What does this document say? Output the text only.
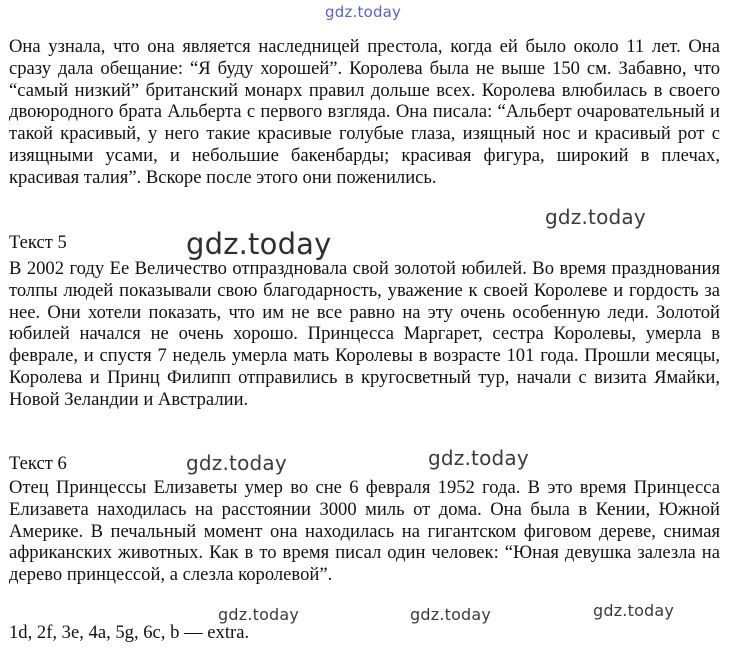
gdz.today
gdz.today
gdz.today
gdz.today	gdz.today
gdz.today	gdz.today	gdz.today

Она узнала, что она является наследницей престола, когда ей было около 11 лет. Она сразу дала обещание: “Я буду хорошей”. Королева была не выше 150 см. Забавно, что “самый низкий” британский монарх правил дольше всех. Королева влюбилась в своего двоюродного брата Альберта с первого взгляда. Она писала: “Альберт очаровательный и такой красивый, у него такие красивые голубые глаза, изящный нос и красивый рот с изящными усами, и небольшие бакенбарды; красивая фигура, широкий в плечах, красивая талия”. Вскоре после этого они поженились.

Текст 5

В 2002 году Ее Величество отпраздновала свой золотой юбилей. Во время празднования толпы людей показывали свою благодарность, уважение к своей Королеве и гордость за нее. Они хотели показать, что им не все равно на эту очень особенную леди. Золотой юбилей начался не очень хорошо. Принцесса Маргарет, сестра Королевы, умерла в феврале, и спустя 7 недель умерла мать Королевы в возрасте 101 года. Прошли месяцы, Королева и Принц Филипп отправились в кругосветный тур, начали с визита Ямайки, Новой Зеландии и Австралии.

Текст 6

Отец Принцессы Елизаветы умер во сне 6 февраля 1952 года. В это время Принцесса Елизавета находилась на расстоянии 3000 миль от дома. Она была в Кении, Южной Америке. В печальный момент она находилась на гигантском фиговом дереве, снимая африканских животных. Как в то время писал один человек: “Юная девушка залезла на дерево принцессой, а слезла королевой”.

1d, 2f, 3e, 4a, 5g, 6c, b — extra.
